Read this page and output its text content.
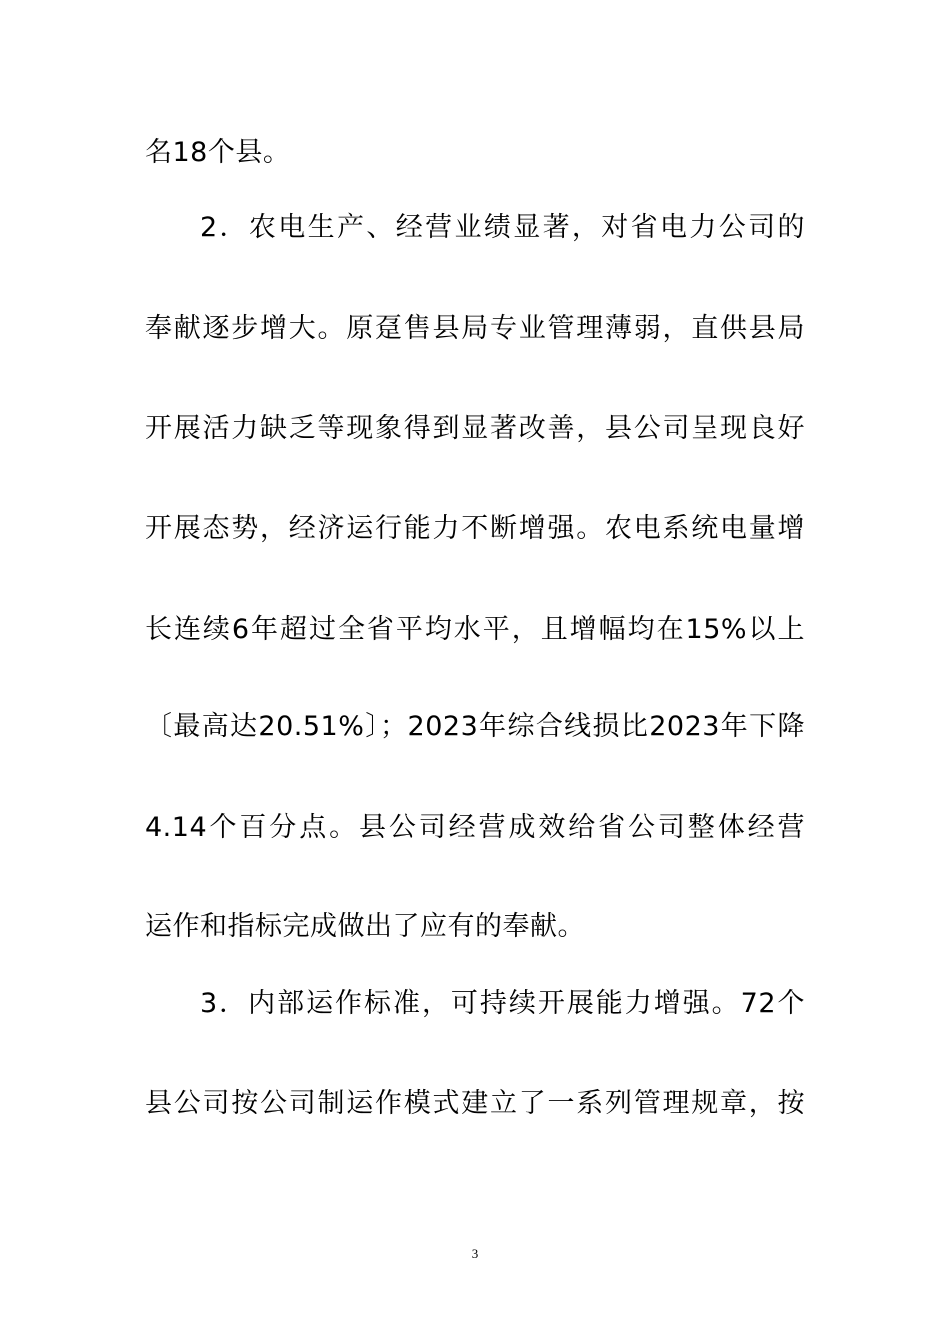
名18个县。
2．农电生产、经营业绩显著，对省电力公司的
奉献逐步增大。原趸售县局专业管理薄弱，直供县局
开展活力缺乏等现象得到显著改善，县公司呈现良好
开展态势，经济运行能力不断增强。农电系统电量增
长连续6年超过全省平均水平，且增幅均在15%以上
〔最高达20.51%〕；2023年综合线损比2023年下降
4.14个百分点。县公司经营成效给省公司整体经营
运作和指标完成做出了应有的奉献。
3．内部运作标准，可持续开展能力增强。72个
县公司按公司制运作模式建立了一系列管理规章，按
3
